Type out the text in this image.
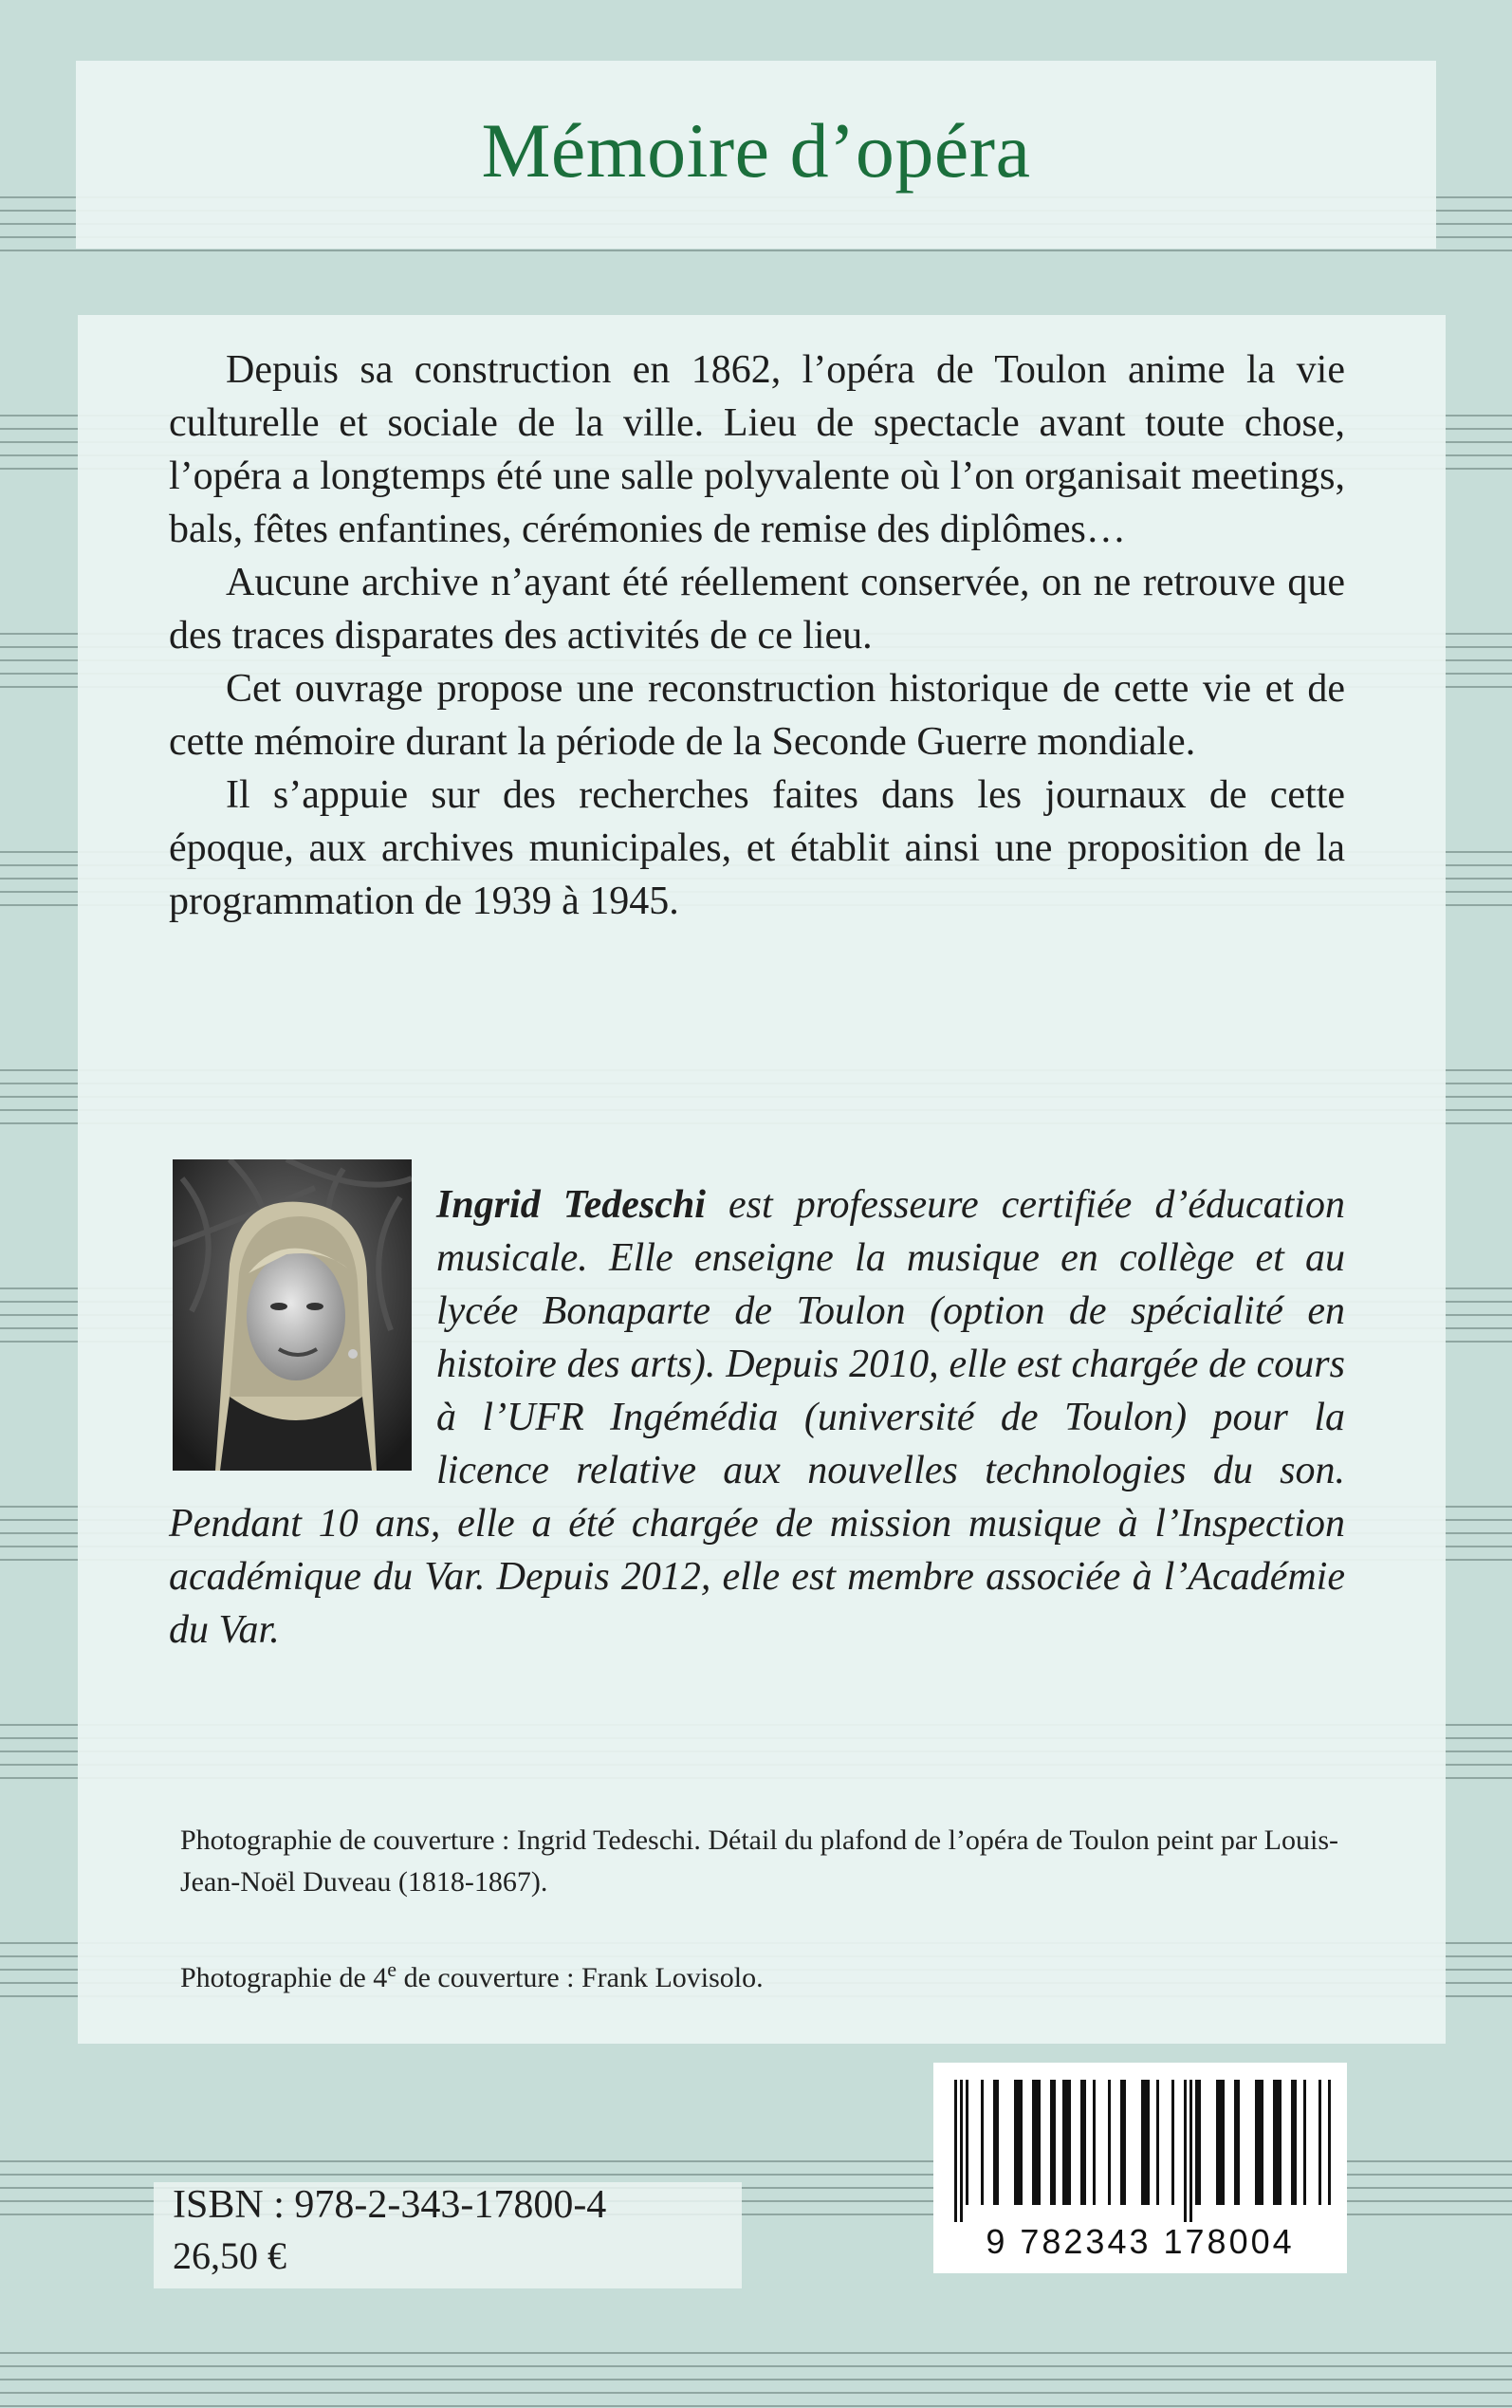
Mémoire d’opéra

Depuis sa construction en 1862, l’opéra de Toulon anime la vie culturelle et sociale de la ville. Lieu de spectacle avant toute chose, l’opéra a longtemps été une salle polyvalente où l’on organisait meetings, bals, fêtes enfantines, cérémonies de remise des diplômes…

Aucune archive n’ayant été réellement conservée, on ne retrouve que des traces disparates des activités de ce lieu.

Cet ouvrage propose une reconstruction historique de cette vie et de cette mémoire durant la période de la Seconde Guerre mondiale.

Il s’appuie sur des recherches faites dans les journaux de cette époque, aux archives municipales, et établit ainsi une proposition de la programmation de 1939 à 1945.

Ingrid Tedeschi est professeure certifiée d’éducation musicale. Elle enseigne la musique en collège et au lycée Bonaparte de Toulon (option de spécialité en histoire des arts). Depuis 2010, elle est chargée de cours à l’UFR Ingémédia (université de Toulon) pour la licence relative aux nouvelles technologies du son. Pendant 10 ans, elle a été chargée de mission musique à l’Inspection académique du Var. Depuis 2012, elle est membre associée à l’Académie du Var.

Photographie de couverture : Ingrid Tedeschi. Détail du plafond de l’opéra de Toulon peint par Louis-Jean-Noël Duveau (1818-1867).

Photographie de 4e de couverture : Frank Lovisolo.

9 782343 178004

ISBN : 978-2-343-17800-4

26,50 €
